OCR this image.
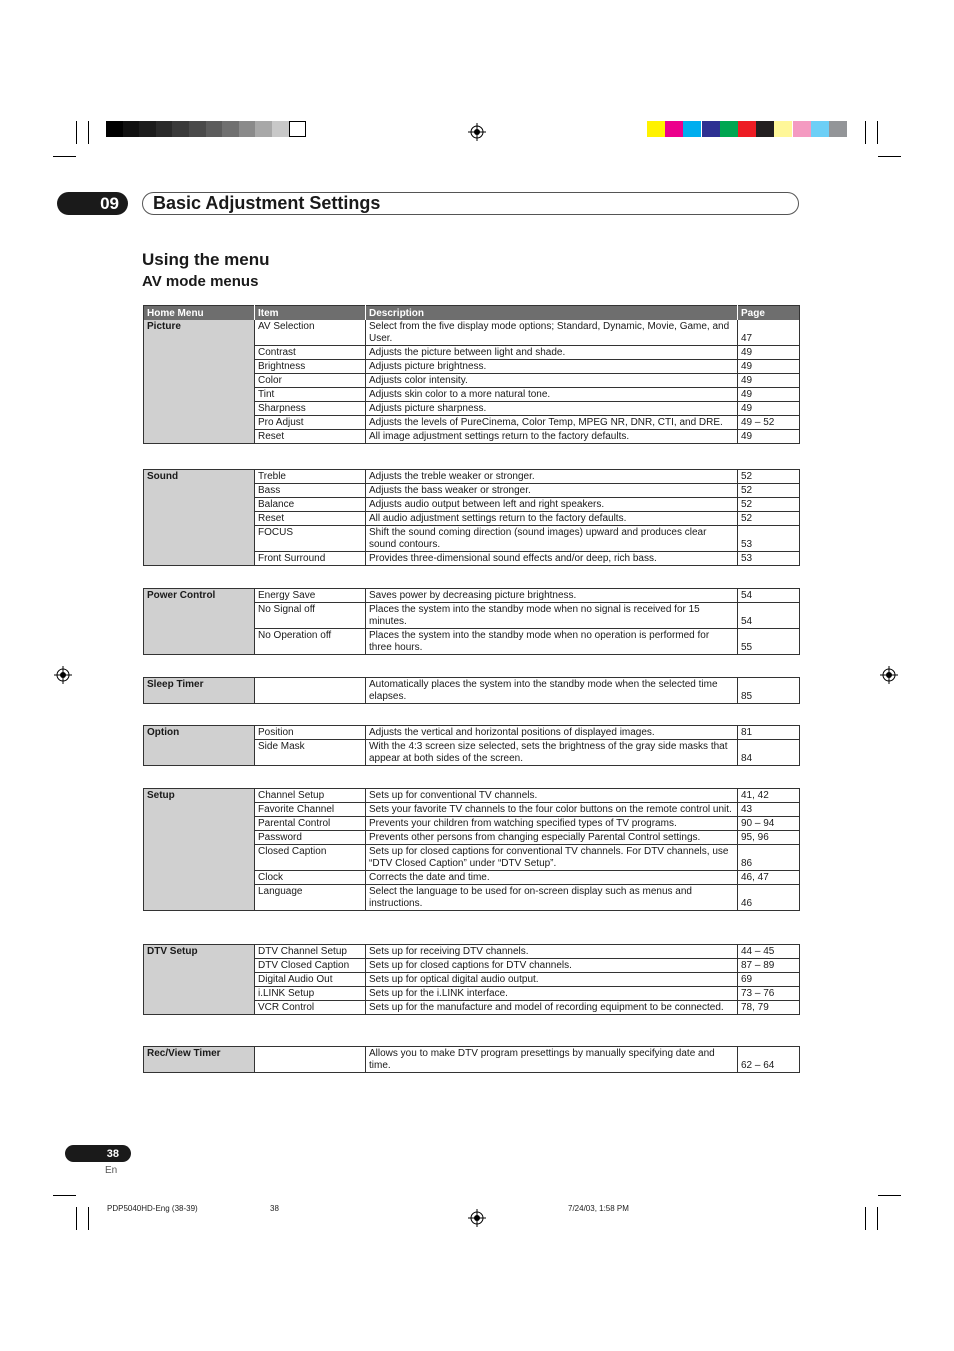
09	Basic Adjustment Settings
Using the menu
AV mode menus
Home Menu	Item	Description	Page
Picture	AV Selection	Select from the five display mode options; Standard, Dynamic, Movie, Game, and User.	47
	Contrast	Adjusts the picture between light and shade.	49
	Brightness	Adjusts picture brightness.	49
	Color	Adjusts color intensity.	49
	Tint	Adjusts skin color to a more natural tone.	49
	Sharpness	Adjusts picture sharpness.	49
	Pro Adjust	Adjusts the levels of PureCinema, Color Temp, MPEG NR, DNR, CTI, and DRE.	49 – 52
	Reset	All image adjustment settings return to the factory defaults.	49
Sound	Treble	Adjusts the treble weaker or stronger.	52
	Bass	Adjusts the bass weaker or stronger.	52
	Balance	Adjusts audio output between left and right speakers.	52
	Reset	All audio adjustment settings return to the factory defaults.	52
	FOCUS	Shift the sound coming direction (sound images) upward and produces clear sound contours.	53
	Front Surround	Provides three-dimensional sound effects and/or deep, rich bass.	53
Power Control	Energy Save	Saves power by decreasing picture brightness.	54
	No Signal off	Places the system into the standby mode when no signal is received for 15 minutes.	54
	No Operation off	Places the system into the standby mode when no operation is performed for three hours.	55
Sleep Timer		Automatically places the system into the standby mode when the selected time elapses.	85
Option	Position	Adjusts the vertical and horizontal positions of displayed images.	81
	Side Mask	With the 4:3 screen size selected, sets the brightness of the gray side masks that appear at both sides of the screen.	84
Setup	Channel Setup	Sets up for conventional TV channels.	41, 42
	Favorite Channel	Sets your favorite TV channels to the four color buttons on the remote control unit.	43
	Parental Control	Prevents your children from watching specified types of TV programs.	90 – 94
	Password	Prevents other persons from changing especially Parental Control settings.	95, 96
	Closed Caption	Sets up for closed captions for conventional TV channels. For DTV channels, use “DTV Closed Caption” under “DTV Setup”.	86
	Clock	Corrects the date and time.	46, 47
	Language	Select the language to be used for on-screen display such as menus and instructions.	46
DTV Setup	DTV Channel Setup	Sets up for receiving DTV channels.	44 – 45
	DTV Closed Caption	Sets up for closed captions for DTV channels.	87 – 89
	Digital Audio Out	Sets up for optical digital audio output.	69
	i.LINK Setup	Sets up for the i.LINK interface.	73 – 76
	VCR Control	Sets up for the manufacture and model of recording equipment to be connected.	78, 79
Rec/View Timer		Allows you to make DTV program presettings by manually specifying date and time.	62 – 64
38
En
PDP5040HD-Eng (38-39)	38	7/24/03, 1:58 PM
